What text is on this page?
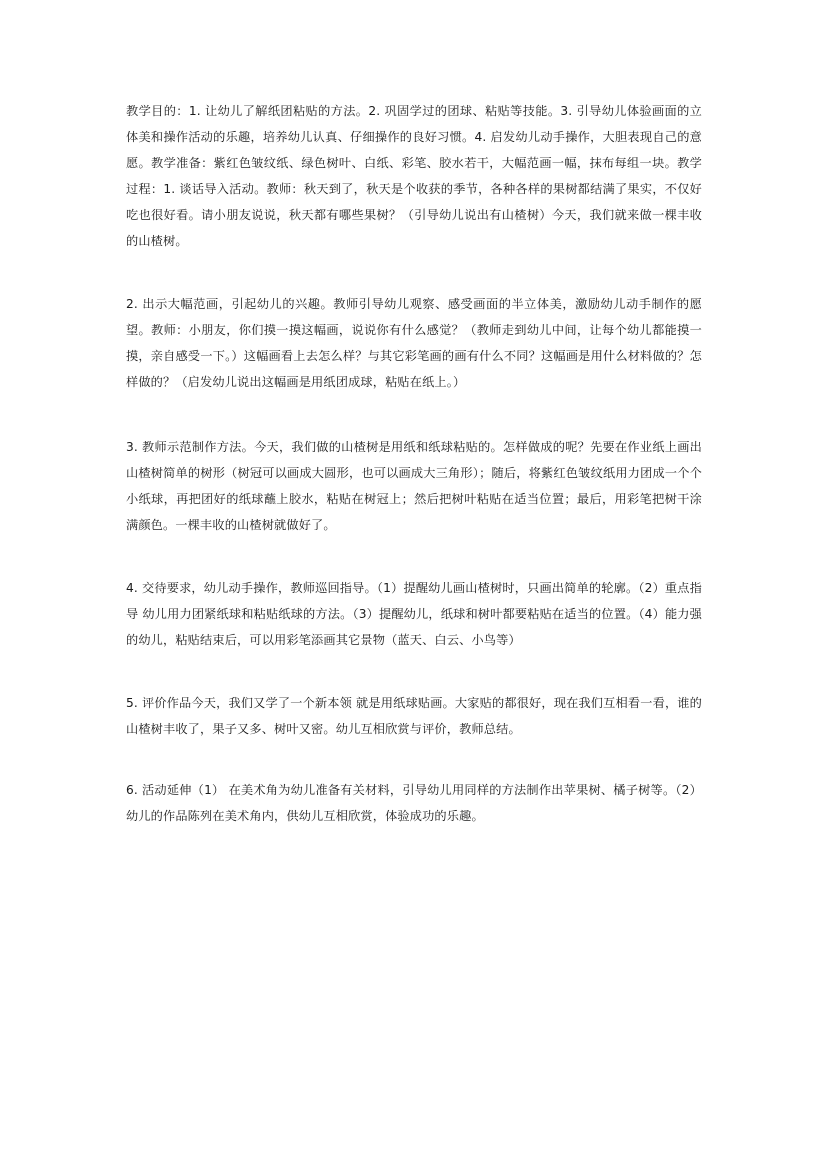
教学目的：1. 让幼儿了解纸团粘贴的方法。2. 巩固学过的团球、粘贴等技能。3. 引导幼儿体验画面的立体美和操作活动的乐趣，培养幼儿认真、仔细操作的良好习惯。4. 启发幼儿动手操作，大胆表现自己的意愿。教学准备：紫红色皱纹纸、绿色树叶、白纸、彩笔、胶水若干，大幅范画一幅，抹布每组一块。教学过程：1. 谈话导入活动。教师：秋天到了，秋天是个收获的季节，各种各样的果树都结满了果实，不仅好吃也很好看。请小朋友说说，秋天都有哪些果树？（引导幼儿说出有山楂树）今天，我们就来做一棵丰收的山楂树。

2. 出示大幅范画，引起幼儿的兴趣。教师引导幼儿观察、感受画面的半立体美，激励幼儿动手制作的愿望。教师：小朋友，你们摸一摸这幅画，说说你有什么感觉？（教师走到幼儿中间，让每个幼儿都能摸一摸，亲自感受一下。）这幅画看上去怎么样？与其它彩笔画的画有什么不同？这幅画是用什么材料做的？怎样做的？（启发幼儿说出这幅画是用纸团成球，粘贴在纸上。）

3. 教师示范制作方法。今天，我们做的山楂树是用纸和纸球粘贴的。怎样做成的呢？先要在作业纸上画出山楂树简单的树形（树冠可以画成大圆形，也可以画成大三角形）；随后，将紫红色皱纹纸用力团成一个个小纸球，再把团好的纸球蘸上胶水，粘贴在树冠上；然后把树叶粘贴在适当位置；最后，用彩笔把树干涂满颜色。一棵丰收的山楂树就做好了。

4. 交待要求，幼儿动手操作，教师巡回指导。（1）提醒幼儿画山楂树时，只画出简单的轮廓。（2）重点指导 幼儿用力团紧纸球和粘贴纸球的方法。（3）提醒幼儿，纸球和树叶都要粘贴在适当的位置。（4）能力强的幼儿，粘贴结束后，可以用彩笔添画其它景物（蓝天、白云、小鸟等）

5. 评价作品今天，我们又学了一个新本领 就是用纸球贴画。大家贴的都很好，现在我们互相看一看，谁的山楂树丰收了，果子又多、树叶又密。幼儿互相欣赏与评价，教师总结。

6. 活动延伸（1） 在美术角为幼儿准备有关材料，引导幼儿用同样的方法制作出苹果树、橘子树等。（2） 幼儿的作品陈列在美术角内，供幼儿互相欣赏，体验成功的乐趣。
